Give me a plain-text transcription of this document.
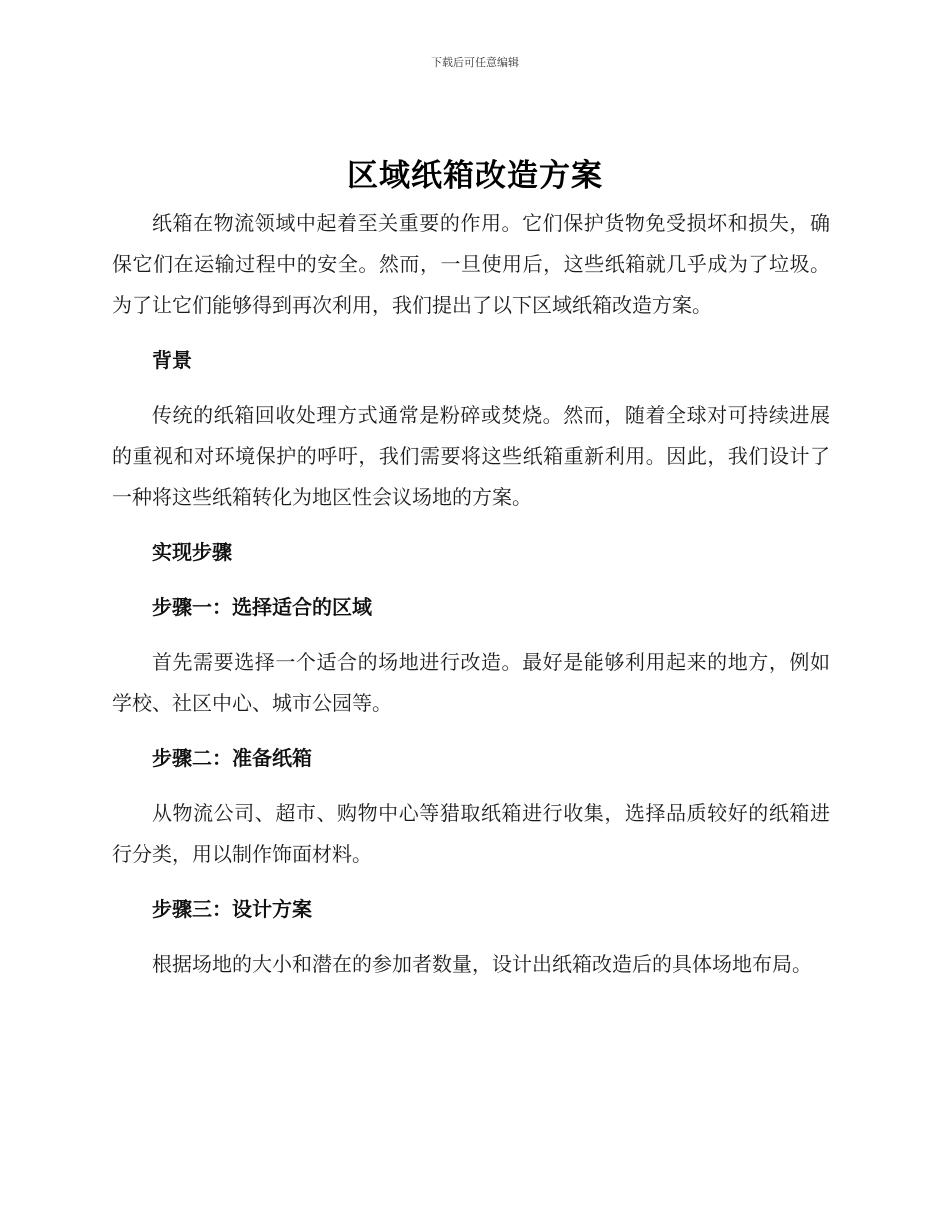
下载后可任意编辑
区域纸箱改造方案

纸箱在物流领域中起着至关重要的作用。它们保护货物免受损坏和损失，确保它们在运输过程中的安全。然而，一旦使用后，这些纸箱就几乎成为了垃圾。为了让它们能够得到再次利用，我们提出了以下区域纸箱改造方案。

背景

传统的纸箱回收处理方式通常是粉碎或焚烧。然而，随着全球对可持续进展的重视和对环境保护的呼吁，我们需要将这些纸箱重新利用。因此，我们设计了一种将这些纸箱转化为地区性会议场地的方案。

实现步骤
步骤一：选择适合的区域

首先需要选择一个适合的场地进行改造。最好是能够利用起来的地方，例如学校、社区中心、城市公园等。

步骤二：准备纸箱

从物流公司、超市、购物中心等猎取纸箱进行收集，选择品质较好的纸箱进行分类，用以制作饰面材料。

步骤三：设计方案

根据场地的大小和潜在的参加者数量，设计出纸箱改造后的具体场地布局。
